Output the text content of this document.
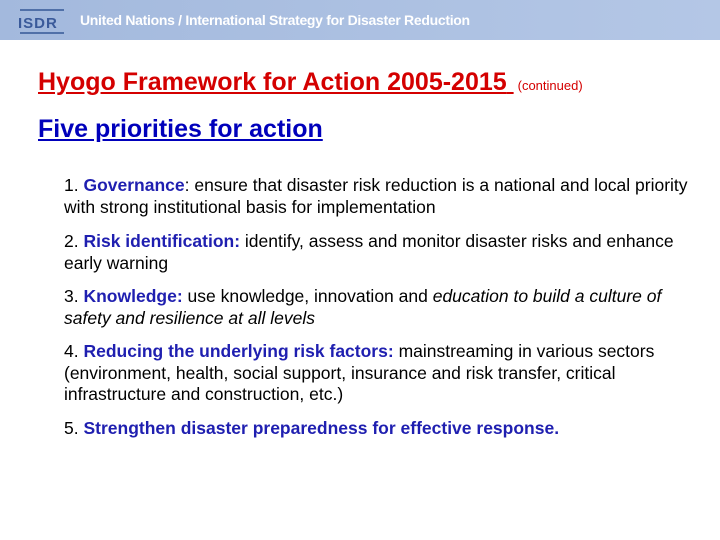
ISDR United Nations / International Strategy for Disaster Reduction
Hyogo Framework for Action 2005-2015 (continued)
Five priorities for action
1. Governance: ensure that disaster risk reduction is a national and local priority with strong institutional basis for implementation
2. Risk identification: identify, assess and monitor disaster risks and enhance early warning
3. Knowledge: use knowledge, innovation and education to build a culture of safety and resilience at all levels
4. Reducing the underlying risk factors: mainstreaming in various sectors (environment, health, social support, insurance and risk transfer, critical infrastructure and construction, etc.)
5. Strengthen disaster preparedness for effective response.
